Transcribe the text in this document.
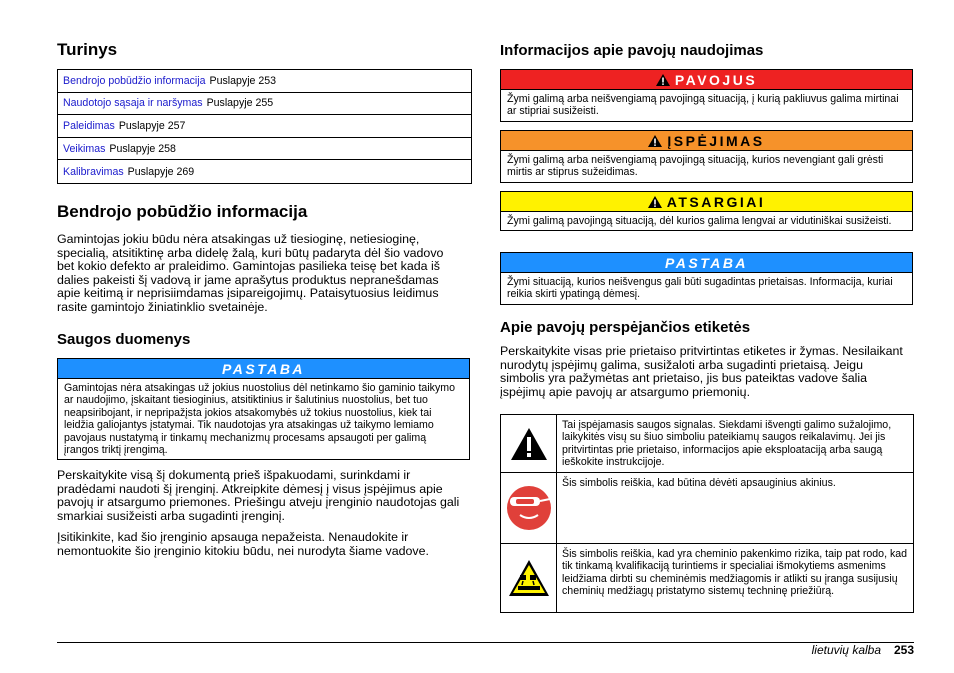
Turinys
Bendrojo pobūdžio informacija Puslapyje 253
Naudotojo sąsaja ir naršymas Puslapyje 255
Paleidimas Puslapyje 257
Veikimas Puslapyje 258
Kalibravimas Puslapyje 269
Bendrojo pobūdžio informacija

Gamintojas jokiu būdu nėra atsakingas už tiesioginę, netiesioginę, specialią, atsitiktinę arba didelę žalą, kuri būtų padaryta dėl šio vadovo bet kokio defekto ar praleidimo. Gamintojas pasilieka teisę bet kada iš dalies pakeisti šį vadovą ir jame aprašytus produktus nepranešdamas apie keitimą ir neprisiimdamas įsipareigojimų. Pataisytuosius leidimus rasite gamintojo žiniatinklio svetainėje.

Saugos duomenys
PASTABA
Gamintojas nėra atsakingas už jokius nuostolius dėl netinkamo šio gaminio taikymo ar naudojimo, įskaitant tiesioginius, atsitiktinius ir šalutinius nuostolius, bet tuo neapsiribojant, ir nepripažįsta jokios atsakomybės už tokius nuostolius, kiek tai leidžia galiojantys įstatymai. Tik naudotojas yra atsakingas už taikymo lemiamo pavojaus nustatymą ir tinkamų mechanizmų procesams apsaugoti per galimą įrangos triktį įrengimą.

Perskaitykite visą šį dokumentą prieš išpakuodami, surinkdami ir pradėdami naudoti šį įrenginį. Atkreipkite dėmesį į visus įspėjimus apie pavojų ir atsargumo priemones. Priešingu atveju įrenginio naudotojas gali smarkiai susižeisti arba sugadinti įrenginį.

Įsitikinkite, kad šio įrenginio apsauga nepažeista. Nenaudokite ir nemontuokite šio įrenginio kitokiu būdu, nei nurodyta šiame vadove.

Informacijos apie pavojų naudojimas
PAVOJUS
Žymi galimą arba neišvengiamą pavojingą situaciją, į kurią pakliuvus galima mirtinai ar stipriai susižeisti.
ĮSPĖJIMAS
Žymi galimą arba neišvengiamą pavojingą situaciją, kurios nevengiant gali grėsti mirtis ar stiprus sužeidimas.
ATSARGIAI
Žymi galimą pavojingą situaciją, dėl kurios galima lengvai ar vidutiniškai susižeisti.
PASTABA
Žymi situaciją, kurios neišvengus gali būti sugadintas prietaisas. Informacija, kuriai reikia skirti ypatingą dėmesį.
Apie pavojų perspėjančios etiketės

Perskaitykite visas prie prietaiso pritvirtintas etiketes ir žymas. Nesilaikant nurodytų įspėjimų galima, susižaloti arba sugadinti prietaisą. Jeigu simbolis yra pažymėtas ant prietaiso, jis bus pateiktas vadove šalia įspėjimų apie pavojų ar atsargumo priemonių.

Tai įspėjamasis saugos signalas. Siekdami išvengti galimo sužalojimo, laikykitės visų su šiuo simboliu pateikiamų saugos reikalavimų. Jei jis pritvirtintas prie prietaiso, informacijos apie eksploataciją arba saugą ieškokite instrukcijoje.
Šis simbolis reiškia, kad būtina dėvėti apsauginius akinius.
Šis simbolis reiškia, kad yra cheminio pakenkimo rizika, taip pat rodo, kad tik tinkamą kvalifikaciją turintiems ir specialiai išmokytiems asmenims leidžiama dirbti su cheminėmis medžiagomis ir atlikti su įranga susijusių cheminių medžiagų pristatymo sistemų techninę priežiūrą.
lietuvių kalba 253
